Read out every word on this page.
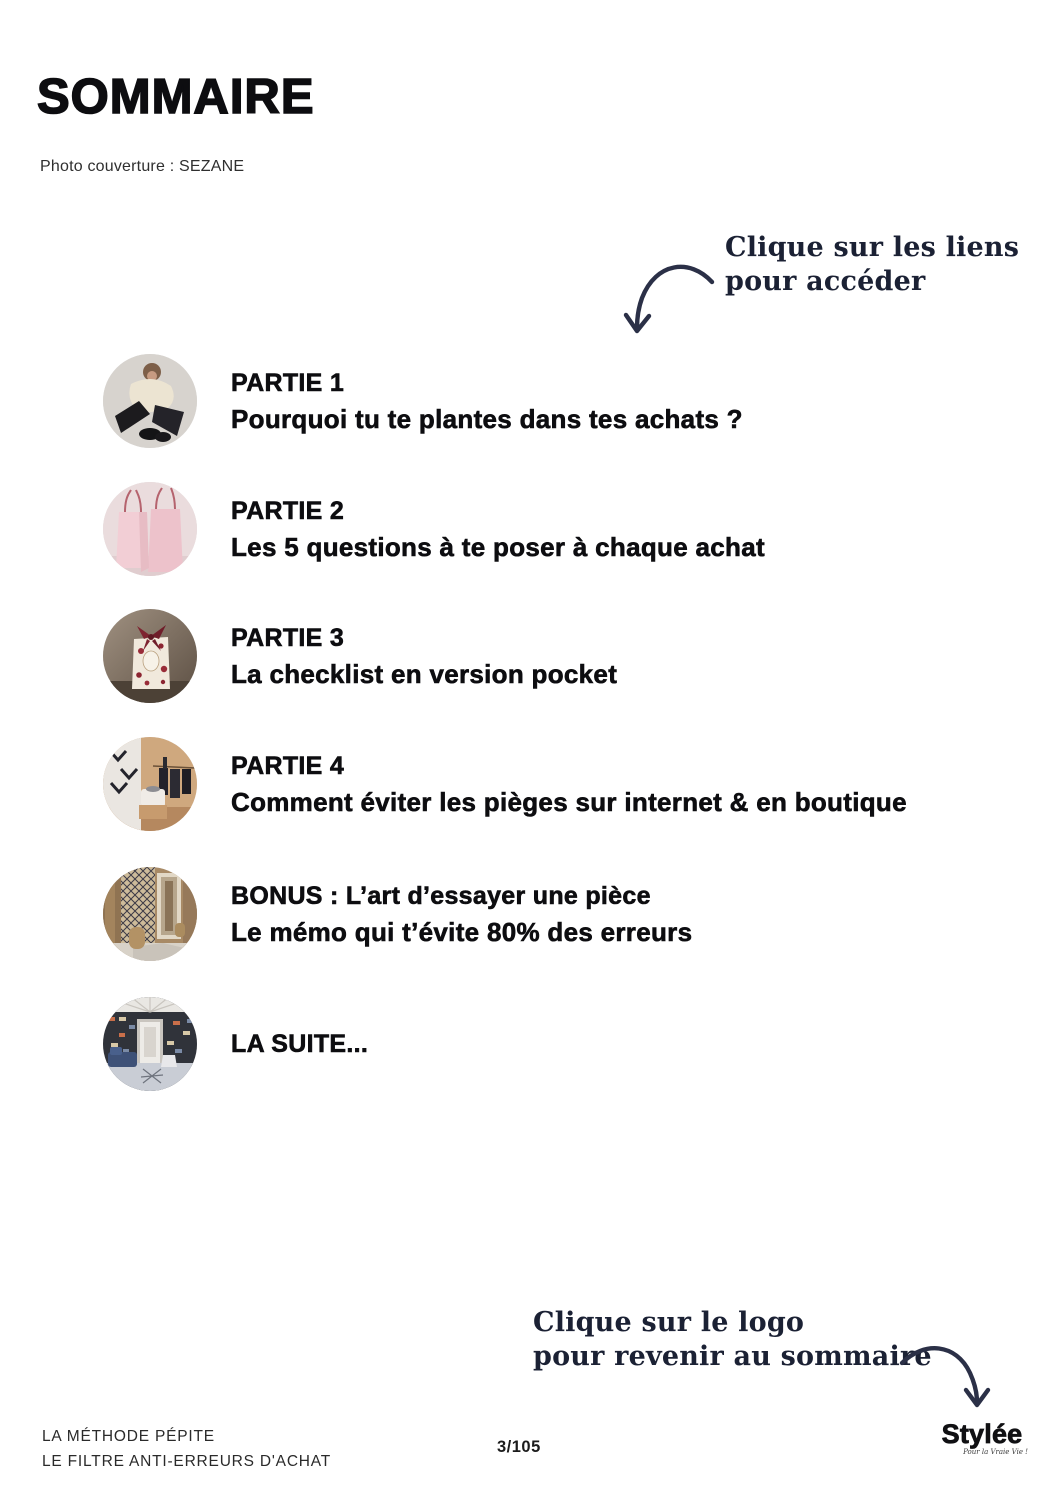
SOMMAIRE
Photo couverture : SEZANE
Clique sur les liens
pour accéder
PARTIE 1
Pourquoi tu te plantes dans tes achats ?
PARTIE 2
Les 5 questions à te poser à chaque achat
PARTIE 3
La checklist en version pocket
PARTIE 4
Comment éviter les pièges sur internet & en boutique
BONUS : L’art d’essayer une pièce
Le mémo qui t’évite 80% des erreurs
LA SUITE...
Clique sur le logo
pour revenir au sommaire
LA MÉTHODE PÉPITE
LE FILTRE ANTI-ERREURS D'ACHAT
3/105	Stylée
Pour la Vraie Vie !
